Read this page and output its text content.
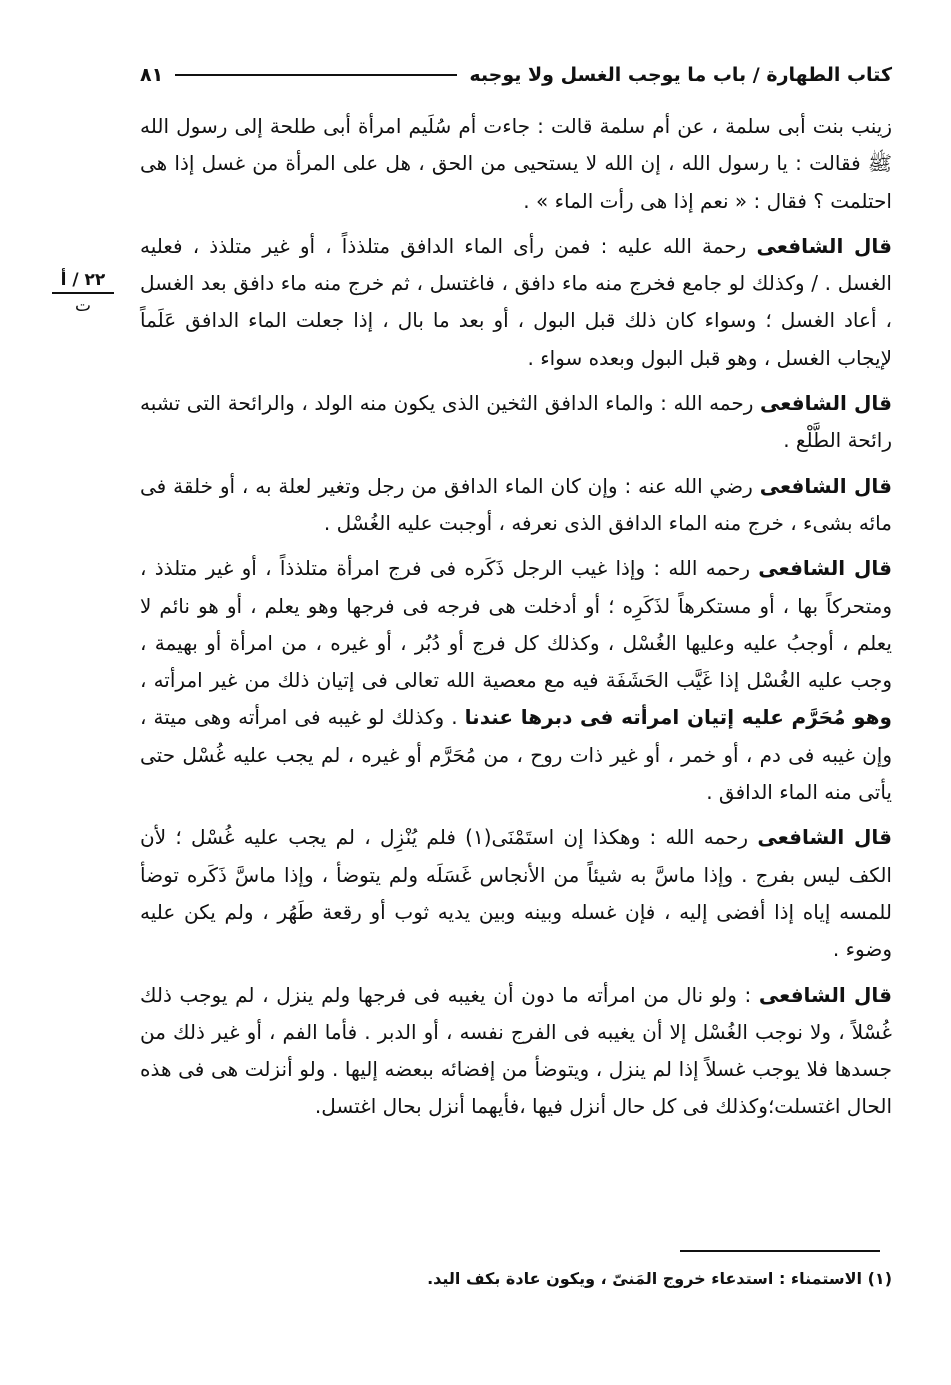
كتاب الطهارة / باب ما يوجب الغسل ولا يوجبه
٨١
٢٢ / أ
ت

زينب بنت أبى سلمة ، عن أم سلمة قالت : جاءت أم سُلَيم امرأة أبى طلحة إلى رسول الله ﷺ فقالت : يا رسول الله ، إن الله لا يستحيى من الحق ، هل على المرأة من غسل إذا هى احتلمت ؟ فقال : « نعم إذا هى رأت الماء » .

قال الشافعى رحمة الله عليه : فمن رأى الماء الدافق متلذذاً ، أو غير متلذذ ، فعليه الغسل . / وكذلك لو جامع فخرج منه ماء دافق ، فاغتسل ، ثم خرج منه ماء دافق بعد الغسل ، أعاد الغسل ؛ وسواء كان ذلك قبل البول ، أو بعد ما بال ، إذا جعلت الماء الدافق عَلَماً لإيجاب الغسل ، وهو قبل البول وبعده سواء .

قال الشافعى رحمه الله : والماء الدافق الثخين الذى يكون منه الولد ، والرائحة التى تشبه رائحة الطَّلْع .

قال الشافعى رضي الله عنه : وإن كان الماء الدافق من رجل وتغير لعلة به ، أو خلقة فى مائه بشىء ، خرج منه الماء الدافق الذى نعرفه ، أوجبت عليه الغُسْل .

قال الشافعى رحمه الله : وإذا غيب الرجل ذَكَره فى فرج امرأة متلذذاً ، أو غير متلذذ ، ومتحركاً بها ، أو مستكرهاً لذَكَرِه ؛ أو أدخلت هى فرجه فى فرجها وهو يعلم ، أو هو نائم لا يعلم ، أوجبُ عليه وعليها الغُسْل ، وكذلك كل فرج أو دُبُر ، أو غيره ، من امرأة أو بهيمة ، وجب عليه الغُسْل إذا غَيَّب الحَشَفَة فيه مع معصية الله تعالى فى إتيان ذلك من غير امرأته ، وهو مُحَرَّم عليه إتيان امرأته فى دبرها عندنا . وكذلك لو غيبه فى امرأته وهى ميتة ، وإن غيبه فى دم ، أو خمر ، أو غير ذات روح ، من مُحَرَّم أو غيره ، لم يجب عليه غُسْل حتى يأتى منه الماء الدافق .

قال الشافعى رحمه الله : وهكذا إن استَمْنَى(١) فلم يُنْزِل ، لم يجب عليه غُسْل ؛ لأن الكف ليس بفرج . وإذا ماسَّ به شيئاً من الأنجاس غَسَلَه ولم يتوضأ ، وإذا ماسَّ ذَكَره توضأ للمسه إياه إذا أفضى إليه ، فإن غسله وبينه وبين يديه ثوب أو رقعة طَهُر ، ولم يكن عليه وضوء .

قال الشافعى : ولو نال من امرأته ما دون أن يغيبه فى فرجها ولم ينزل ، لم يوجب ذلك غُسْلاً ، ولا نوجب الغُسْل إلا أن يغيبه فى الفرج نفسه ، أو الدبر . فأما الفم ، أو غير ذلك من جسدها فلا يوجب غسلاً إذا لم ينزل ، ويتوضأ من إفضائه ببعضه إليها . ولو أنزلت هى فى هذه الحال اغتسلت؛وكذلك فى كل حال أنزل فيها ،فأيهما أنزل بحال اغتسل.

(١) الاستمناء : استدعاء خروج المَنىّ ، ويكون عادة بكف اليد.
